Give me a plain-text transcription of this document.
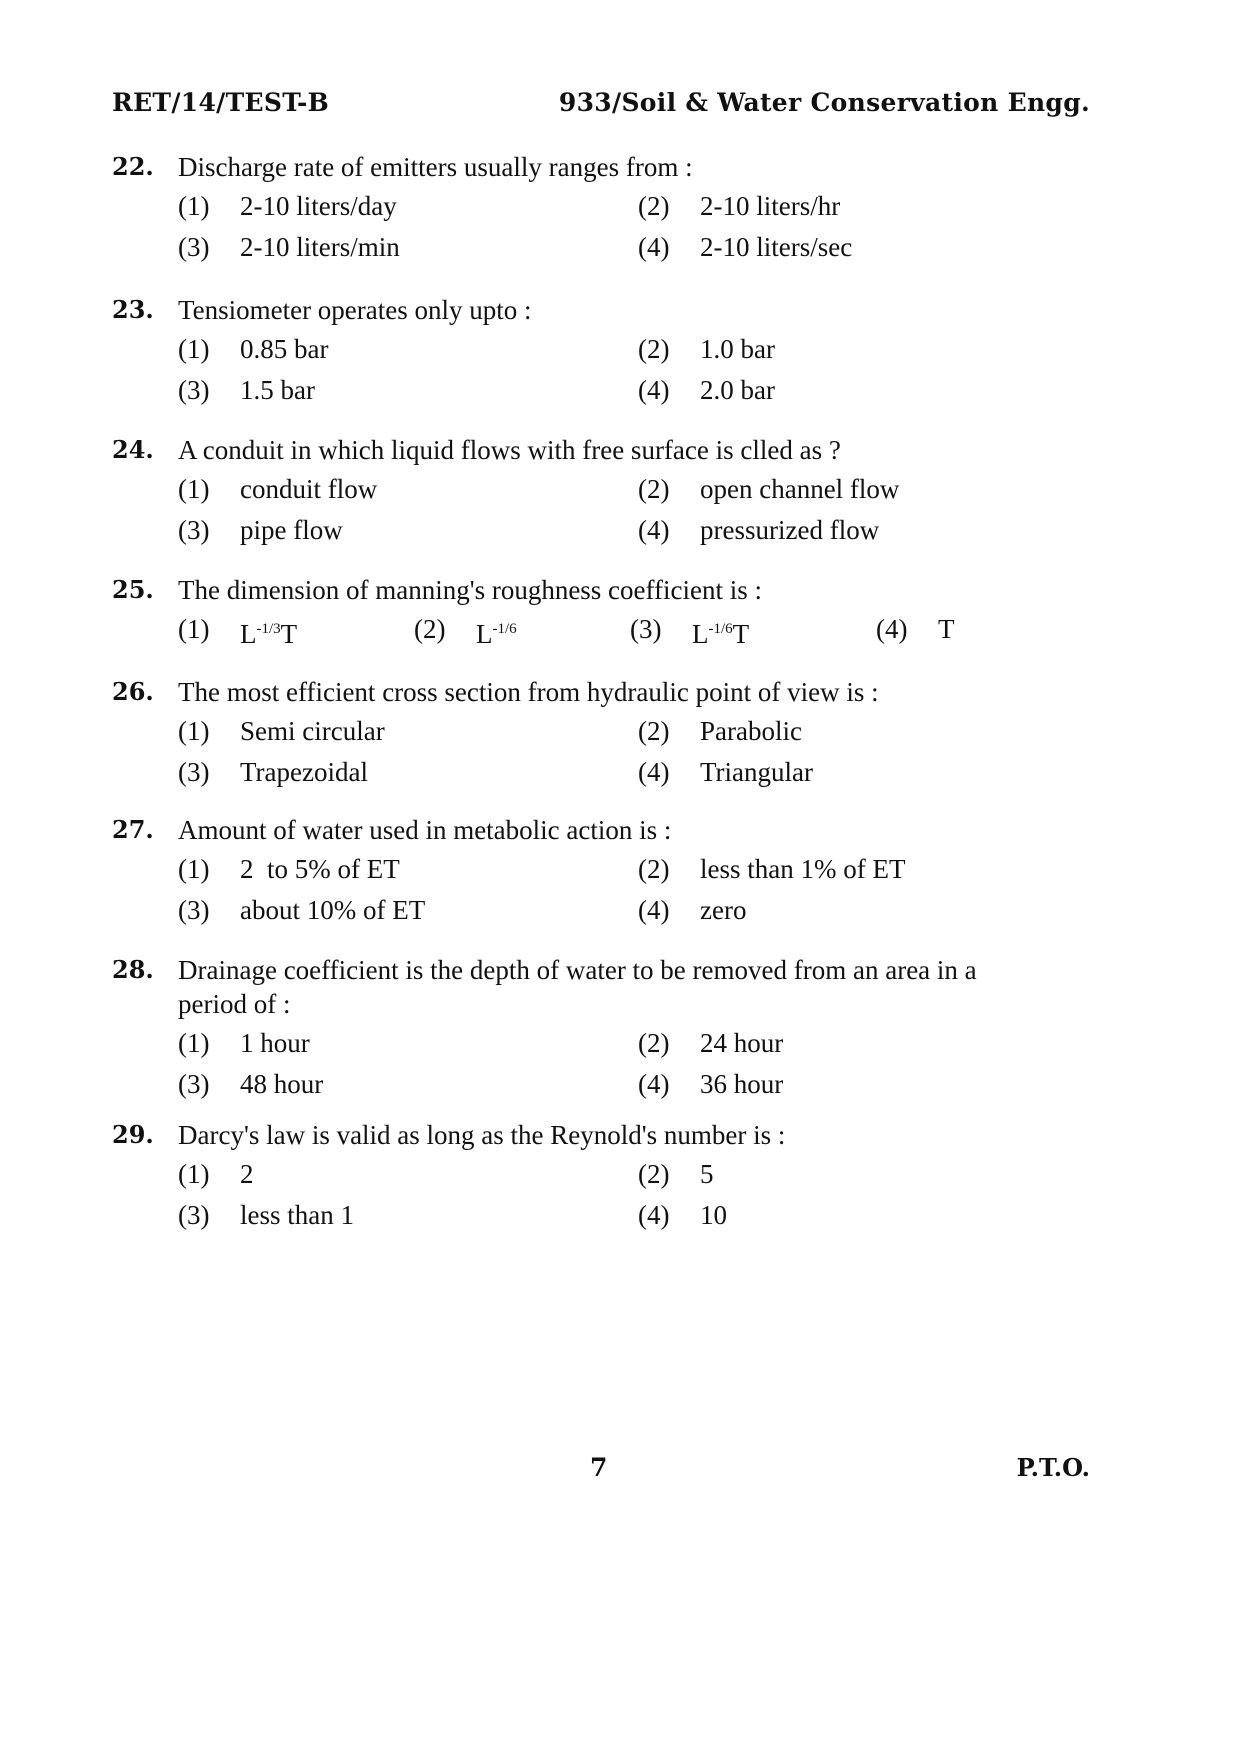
RET/14/TEST-B	933/Soil & Water Conservation Engg.
22. Discharge rate of emitters usually ranges from :
(1)	2-10 liters/day	(2)	2-10 liters/hr
(3)	2-10 liters/min	(4)	2-10 liters/sec
23. Tensiometer operates only upto :
(1)	0.85 bar	(2)	1.0 bar
(3)	1.5 bar	(4)	2.0 bar
24. A conduit in which liquid flows with free surface is clled as ?
(1)	conduit flow	(2)	open channel flow
(3)	pipe flow	(4)	pressurized flow
25. The dimension of manning's roughness coefficient is :
(1)	$L^{-1/3}T$	(2)	$L^{-1/6}$	(3)	$L^{-1/6}T$	(4)	T
26. The most efficient cross section from hydraulic point of view is :
(1)	Semi circular	(2)	Parabolic
(3)	Trapezoidal	(4)	Triangular
27. Amount of water used in metabolic action is :
(1)	2  to 5% of ET	(2)	less than 1% of ET
(3)	about 10% of ET	(4)	zero
28. Drainage coefficient is the depth of water to be removed from an area in a period of :
(1)	1 hour	(2)	24 hour
(3)	48 hour	(4)	36 hour
29. Darcy's law is valid as long as the Reynold's number is :
(1)	2	(2)	5
(3)	less than 1	(4)	10
7	P.T.O.
